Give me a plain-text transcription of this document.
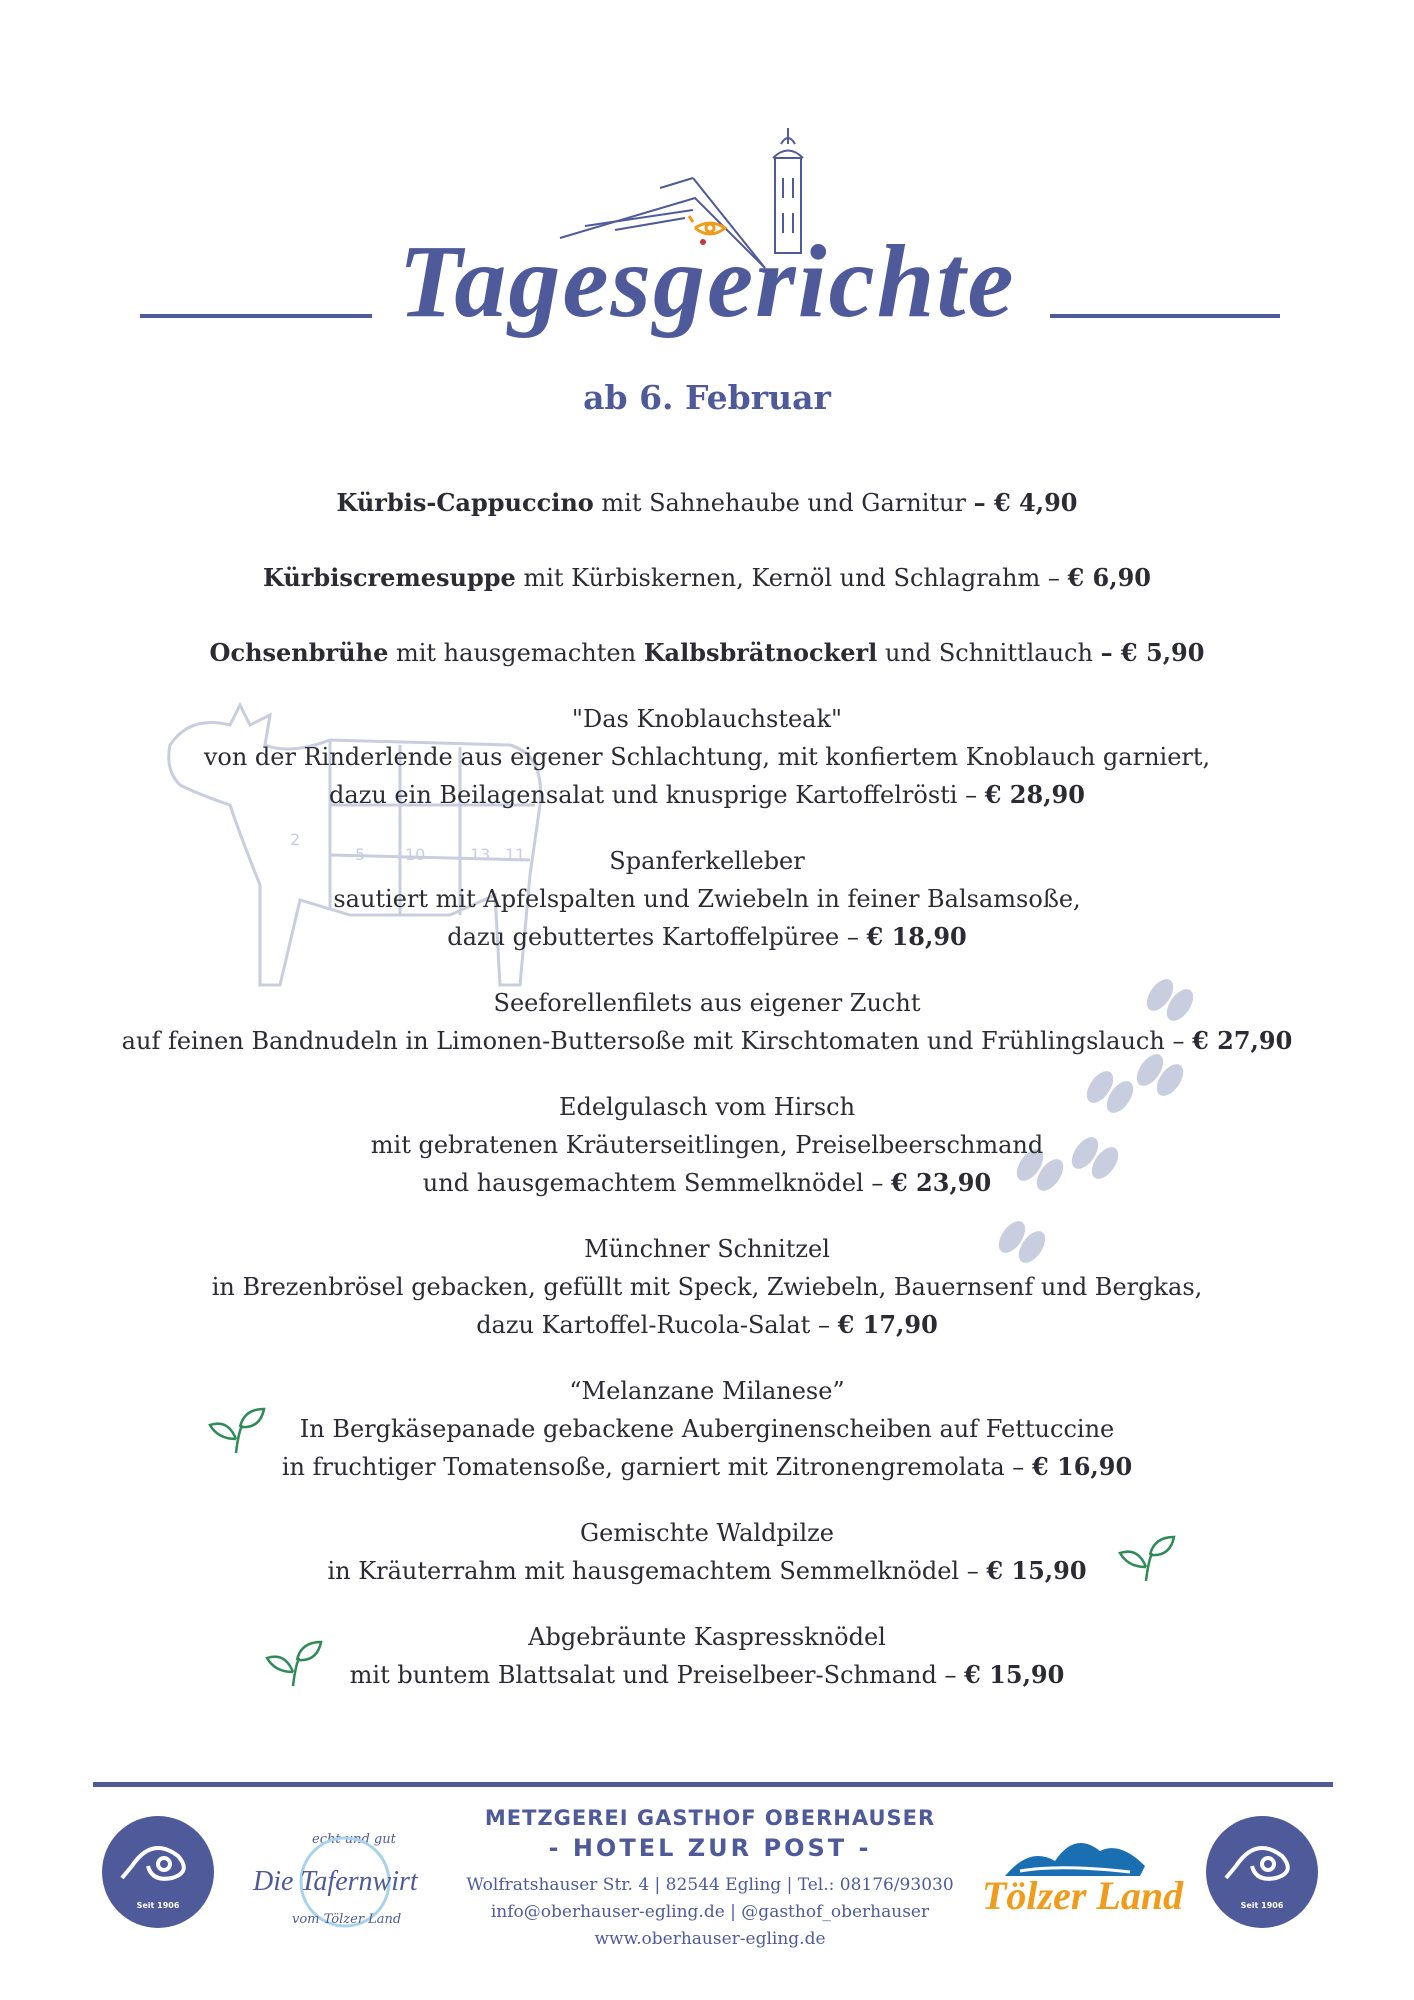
Tagesgerichte
ab 6. Februar
2
5 10	13 11

Kürbis-Cappuccino mit Sahnehaube und Garnitur – € 4,90

Kürbiscremesuppe mit Kürbiskernen, Kernöl und Schlagrahm – € 6,90

Ochsenbrühe mit hausgemachten Kalbsbrätnockerl und Schnittlauch – € 5,90

"Das Knoblauchsteak"

von der Rinderlende aus eigener Schlachtung, mit konfiertem Knoblauch garniert,

dazu ein Beilagensalat und knusprige Kartoffelrösti – € 28,90

Spanferkelleber

sautiert mit Apfelspalten und Zwiebeln in feiner Balsamsoße,

dazu gebuttertes Kartoffelpüree – € 18,90

Seeforellenfilets aus eigener Zucht

auf feinen Bandnudeln in Limonen-Buttersoße mit Kirschtomaten und Frühlingslauch – € 27,90

Edelgulasch vom Hirsch

mit gebratenen Kräuterseitlingen, Preiselbeerschmand

und hausgemachtem Semmelknödel – € 23,90

Münchner Schnitzel

in Brezenbrösel gebacken, gefüllt mit Speck, Zwiebeln, Bauernsenf und Bergkas,

dazu Kartoffel-Rucola-Salat – € 17,90

“Melanzane Milanese”

In Bergkäsepanade gebackene Auberginenscheiben auf Fettuccine

in fruchtiger Tomatensoße, garniert mit Zitronengremolata – € 16,90

Gemischte Waldpilze

in Kräuterrahm mit hausgemachtem Semmelknödel – € 15,90

Abgebräunte Kaspressknödel

mit buntem Blattsalat und Preiselbeer-Schmand – € 15,90

Seit 1906
echt und gut
Die Tafernwirt
vom Tölzer Land
METZGEREI GASTHOF OBERHAUSER
- HOTEL ZUR POST -
Wolfratshauser Str. 4 | 82544 Egling | Tel.: 08176/93030
info@oberhauser-egling.de | @gasthof_oberhauser
www.oberhauser-egling.de
Tölzer Land	Seit 1906
